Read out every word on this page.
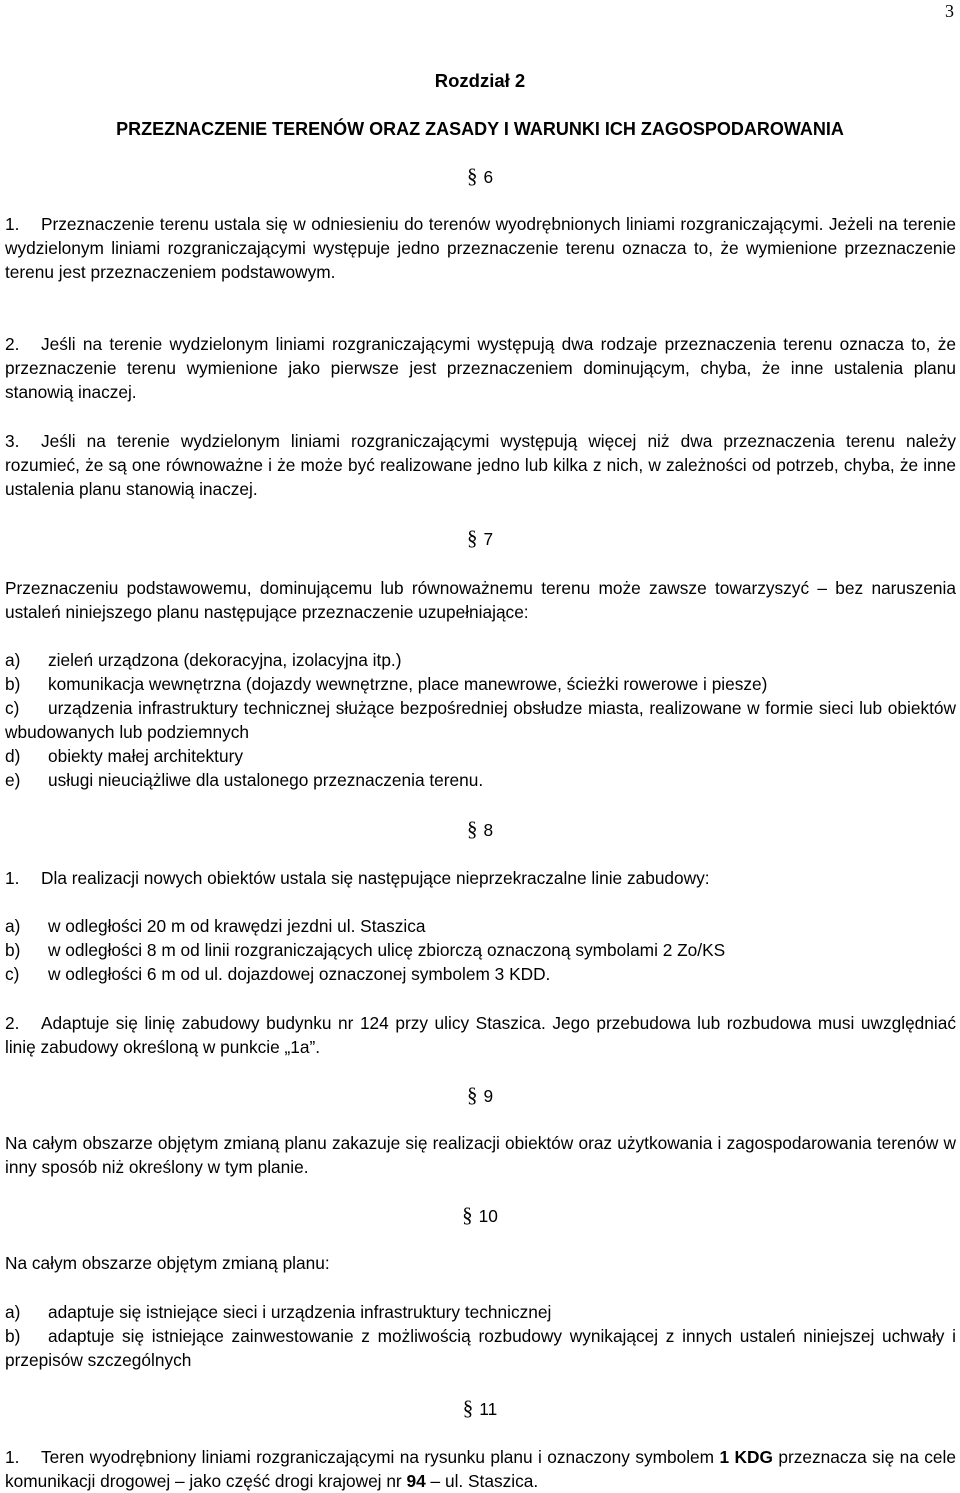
3
Rozdział 2
PRZEZNACZENIE TERENÓW ORAZ ZASADY I WARUNKI ICH ZAGOSPODAROWANIA
§ 6

1. Przeznaczenie terenu ustala się w odniesieniu do terenów wyodrębnionych liniami rozgraniczającymi. Jeżeli na terenie wydzielonym liniami rozgraniczającymi występuje jedno przeznaczenie terenu oznacza to, że wymienione przeznaczenie terenu jest przeznaczeniem podstawowym.

2. Jeśli na terenie wydzielonym liniami rozgraniczającymi występują dwa rodzaje przeznaczenia terenu oznacza to, że przeznaczenie terenu wymienione jako pierwsze jest przeznaczeniem dominującym, chyba, że inne ustalenia planu stanowią inaczej.

3. Jeśli na terenie wydzielonym liniami rozgraniczającymi występują więcej niż dwa przeznaczenia terenu należy rozumieć, że są one równoważne i że może być realizowane jedno lub kilka z nich, w zależności od potrzeb, chyba, że inne ustalenia planu stanowią inaczej.

§ 7

Przeznaczeniu podstawowemu, dominującemu lub równoważnemu terenu może zawsze towarzyszyć – bez naruszenia ustaleń niniejszego planu następujące przeznaczenie uzupełniające:

a) zieleń urządzona (dekoracyjna, izolacyjna itp.)
b) komunikacja wewnętrzna (dojazdy wewnętrzne, place manewrowe, ścieżki rowerowe i piesze)
c) urządzenia infrastruktury technicznej służące bezpośredniej obsłudze miasta, realizowane w formie sieci lub obiektów wbudowanych lub podziemnych
d) obiekty małej architektury
e) usługi nieuciążliwe dla ustalonego przeznaczenia terenu.
§ 8

1. Dla realizacji nowych obiektów ustala się następujące nieprzekraczalne linie zabudowy:

a) w odległości 20 m od krawędzi jezdni ul. Staszica
b) w odległości 8 m od linii rozgraniczających ulicę zbiorczą oznaczoną symbolami 2 Zo/KS
c) w odległości 6 m od ul. dojazdowej oznaczonej symbolem 3 KDD.

2. Adaptuje się linię zabudowy budynku nr 124 przy ulicy Staszica. Jego przebudowa lub rozbudowa musi uwzględniać linię zabudowy określoną w punkcie „1a”.

§ 9

Na całym obszarze objętym zmianą planu zakazuje się realizacji obiektów oraz użytkowania i zagospodarowania terenów w inny sposób niż określony w tym planie.

§ 10

Na całym obszarze objętym zmianą planu:

a) adaptuje się istniejące sieci i urządzenia infrastruktury technicznej
b) adaptuje się istniejące zainwestowanie z możliwością rozbudowy wynikającej z innych ustaleń niniejszej uchwały i przepisów szczególnych
§ 11

1. Teren wyodrębniony liniami rozgraniczającymi na rysunku planu i oznaczony symbolem 1 KDG przeznacza się na cele komunikacji drogowej – jako część drogi krajowej nr 94 – ul. Staszica.
